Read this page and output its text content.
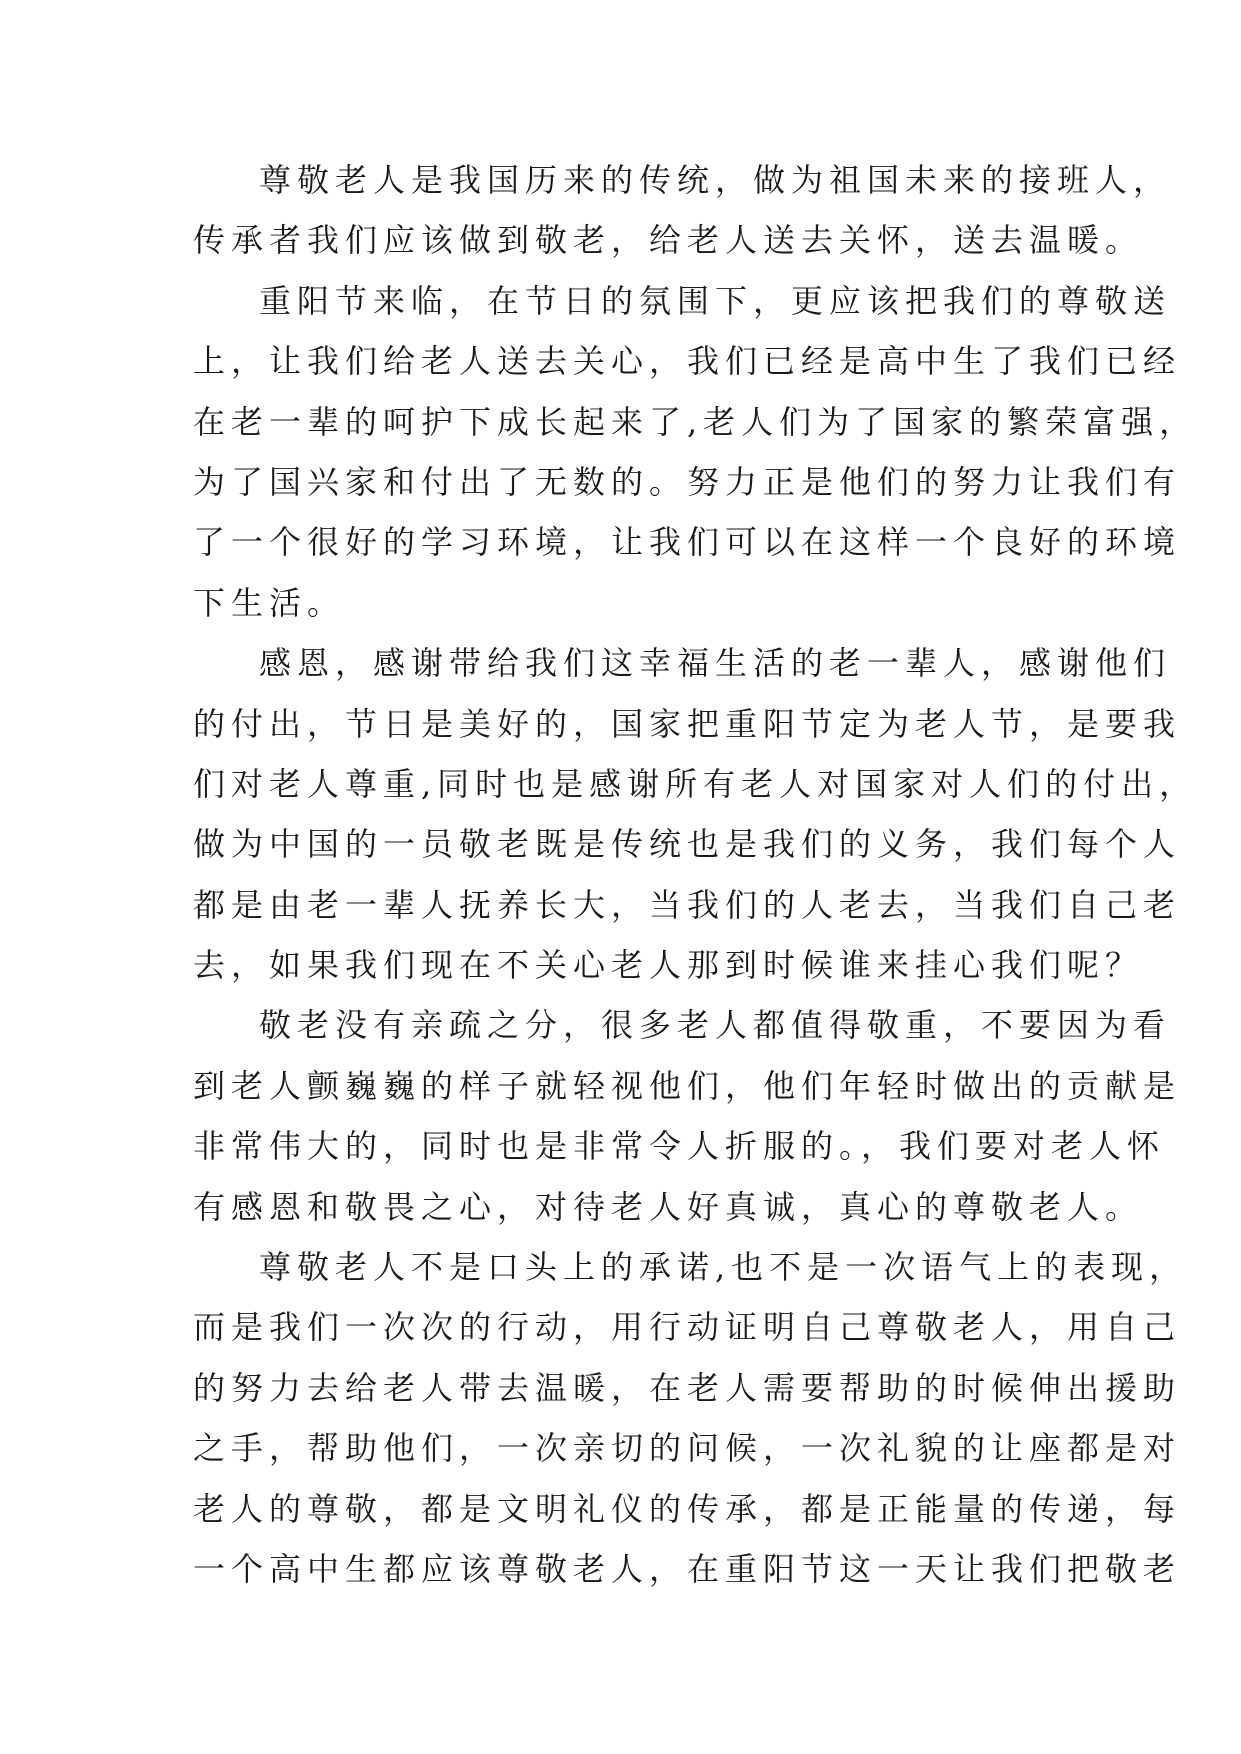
尊敬老人是我国历来的传统，做为祖国未来的接班人，
传承者我们应该做到敬老，给老人送去关怀，送去温暖。

重阳节来临，在节日的氛围下，更应该把我们的尊敬送
上，让我们给老人送去关心，我们已经是高中生了我们已经
在老一辈的呵护下成长起来了,老人们为了国家的繁荣富强，
为了国兴家和付出了无数的。努力正是他们的努力让我们有
了一个很好的学习环境，让我们可以在这样一个良好的环境
下生活。

感恩，感谢带给我们这幸福生活的老一辈人，感谢他们
的付出，节日是美好的，国家把重阳节定为老人节，是要我
们对老人尊重,同时也是感谢所有老人对国家对人们的付出，
做为中国的一员敬老既是传统也是我们的义务，我们每个人
都是由老一辈人抚养长大，当我们的人老去，当我们自己老
去，如果我们现在不关心老人那到时候谁来挂心我们呢？

敬老没有亲疏之分，很多老人都值得敬重，不要因为看
到老人颤巍巍的样子就轻视他们，他们年轻时做出的贡献是
非常伟大的，同时也是非常令人折服的。，我们要对老人怀
有感恩和敬畏之心，对待老人好真诚，真心的尊敬老人。

尊敬老人不是口头上的承诺,也不是一次语气上的表现，
而是我们一次次的行动，用行动证明自己尊敬老人，用自己
的努力去给老人带去温暖，在老人需要帮助的时候伸出援助
之手，帮助他们，一次亲切的问候，一次礼貌的让座都是对
老人的尊敬，都是文明礼仪的传承，都是正能量的传递，每
一个高中生都应该尊敬老人，在重阳节这一天让我们把敬老
